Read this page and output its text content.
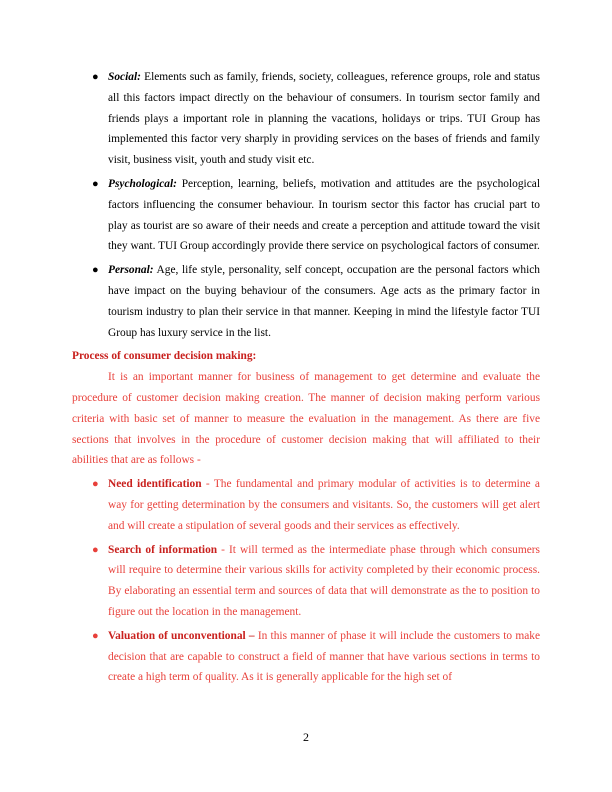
● Social: Elements such as family, friends, society, colleagues, reference groups, role and status all this factors impact directly on the behaviour of consumers. In tourism sector family and friends plays a important role in planning the vacations, holidays or trips. TUI Group has implemented this factor very sharply in providing services on the bases of friends and family visit, business visit, youth and study visit etc.
● Psychological: Perception, learning, beliefs, motivation and attitudes are the psychological factors influencing the consumer behaviour. In tourism sector this factor has crucial part to play as tourist are so aware of their needs and create a perception and attitude toward the visit they want. TUI Group accordingly provide there service on psychological factors of consumer.
● Personal: Age, life style, personality, self concept, occupation are the personal factors which have impact on the buying behaviour of the consumers. Age acts as the primary factor in tourism industry to plan their service in that manner. Keeping in mind the lifestyle factor TUI Group has luxury service in the list.

Process of consumer decision making:

It is an important manner for business of management to get determine and evaluate the procedure of customer decision making creation. The manner of decision making perform various criteria with basic set of manner to measure the evaluation in the management. As there are five sections that involves in the procedure of customer decision making that will affiliated to their abilities that are as follows -

● Need identification - The fundamental and primary modular of activities is to determine a way for getting determination by the consumers and visitants. So, the customers will get alert and will create a stipulation of several goods and their services as effectively.
● Search of information - It will termed as the intermediate phase through which consumers will require to determine their various skills for activity completed by their economic process. By elaborating an essential term and sources of data that will demonstrate as the to position to figure out the location in the management.
● Valuation of unconventional – In this manner of phase it will include the customers to make decision that are capable to construct a field of manner that have various sections in terms to create a high term of quality. As it is generally applicable for the high set of
2
